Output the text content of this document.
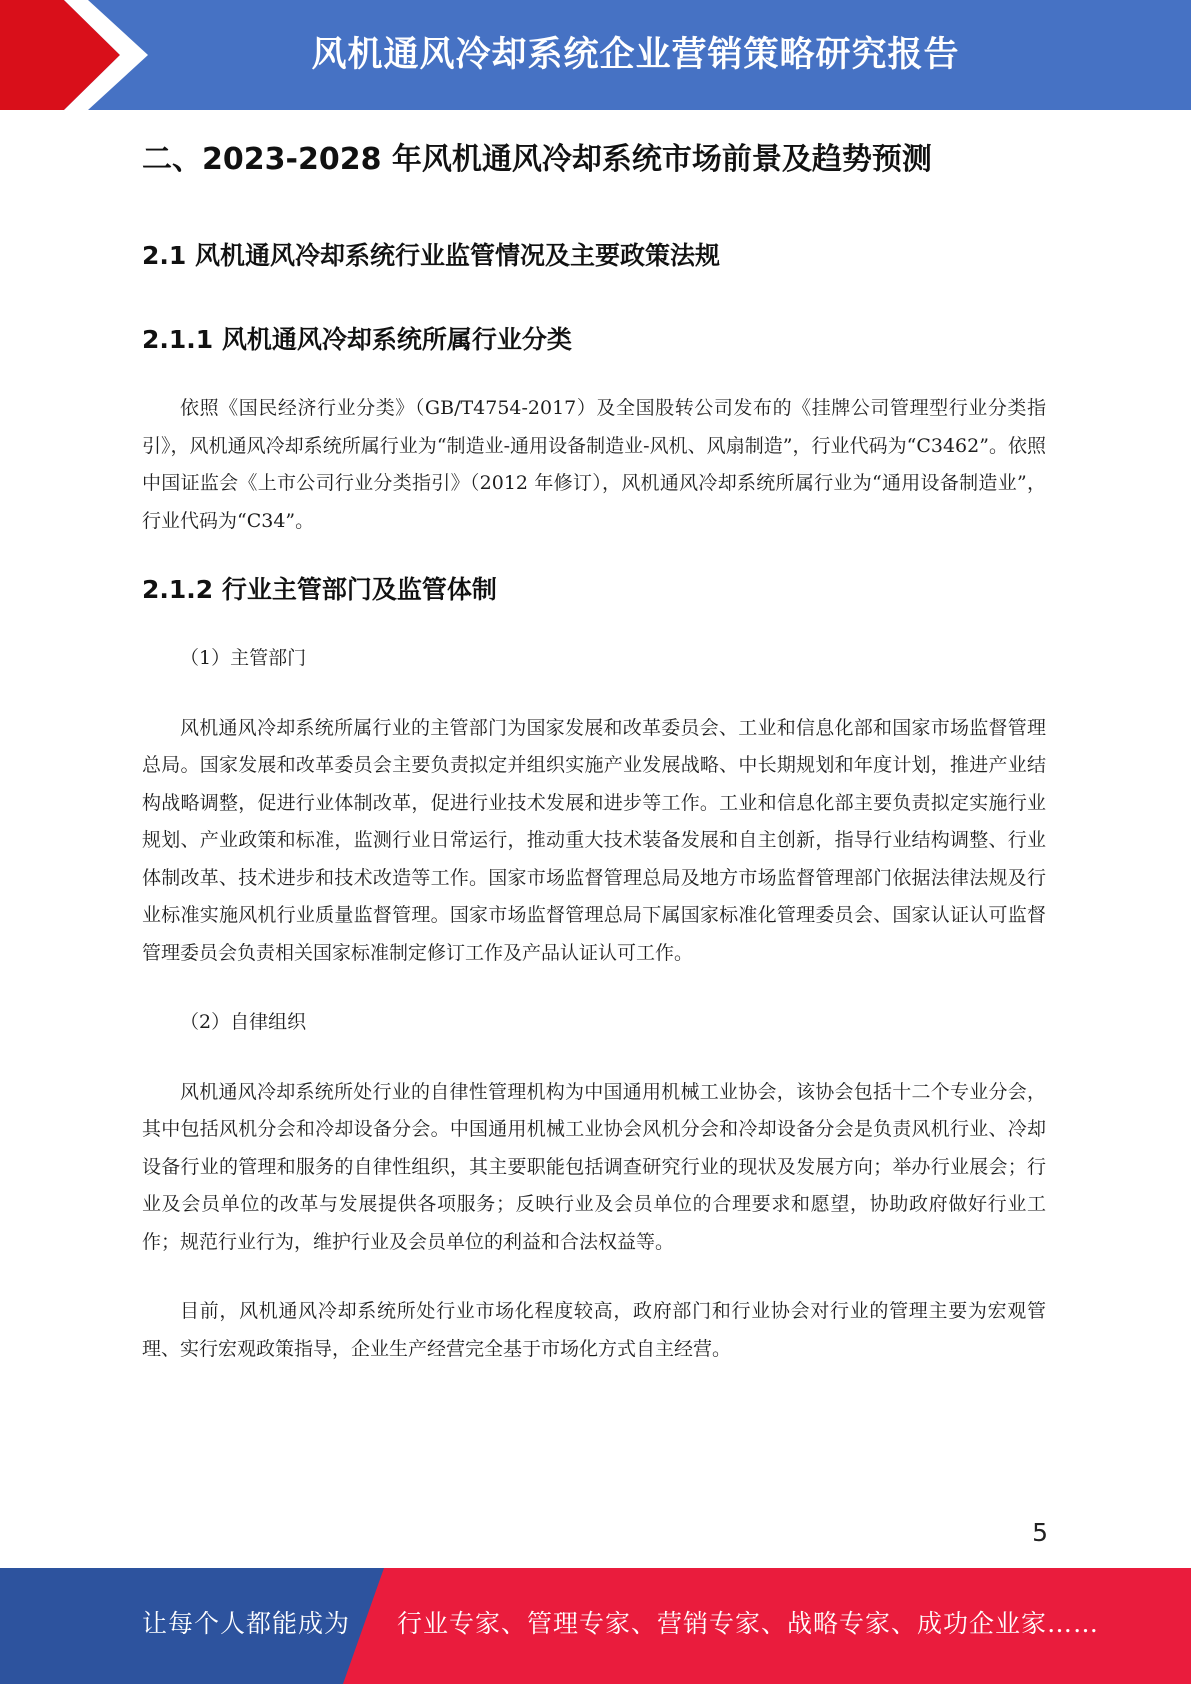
风机通风冷却系统企业营销策略研究报告
二、2023-2028 年风机通风冷却系统市场前景及趋势预测
2.1 风机通风冷却系统行业监管情况及主要政策法规
2.1.1 风机通风冷却系统所属行业分类

依照《国民经济行业分类》（GB/T4754-2017）及全国股转公司发布的《挂牌公司管理型行业分类指引》，风机通风冷却系统所属行业为“制造业-通用设备制造业-风机、风扇制造”，行业代码为“C3462”。依照中国证监会《上市公司行业分类指引》（2012 年修订），风机通风冷却系统所属行业为“通用设备制造业”，行业代码为“C34”。

2.1.2 行业主管部门及监管体制

（1）主管部门

风机通风冷却系统所属行业的主管部门为国家发展和改革委员会、工业和信息化部和国家市场监督管理总局。国家发展和改革委员会主要负责拟定并组织实施产业发展战略、中长期规划和年度计划，推进产业结构战略调整，促进行业体制改革，促进行业技术发展和进步等工作。工业和信息化部主要负责拟定实施行业规划、产业政策和标准，监测行业日常运行，推动重大技术装备发展和自主创新，指导行业结构调整、行业体制改革、技术进步和技术改造等工作。国家市场监督管理总局及地方市场监督管理部门依据法律法规及行业标准实施风机行业质量监督管理。国家市场监督管理总局下属国家标准化管理委员会、国家认证认可监督管理委员会负责相关国家标准制定修订工作及产品认证认可工作。

（2）自律组织

风机通风冷却系统所处行业的自律性管理机构为中国通用机械工业协会，该协会包括十二个专业分会，其中包括风机分会和冷却设备分会。中国通用机械工业协会风机分会和冷却设备分会是负责风机行业、冷却设备行业的管理和服务的自律性组织，其主要职能包括调查研究行业的现状及发展方向；举办行业展会；行业及会员单位的改革与发展提供各项服务；反映行业及会员单位的合理要求和愿望，协助政府做好行业工作；规范行业行为，维护行业及会员单位的利益和合法权益等。

目前，风机通风冷却系统所处行业市场化程度较高，政府部门和行业协会对行业的管理主要为宏观管理、实行宏观政策指导，企业生产经营完全基于市场化方式自主经营。

5
让每个人都能成为 行业专家、管理专家、营销专家、战略专家、成功企业家……
